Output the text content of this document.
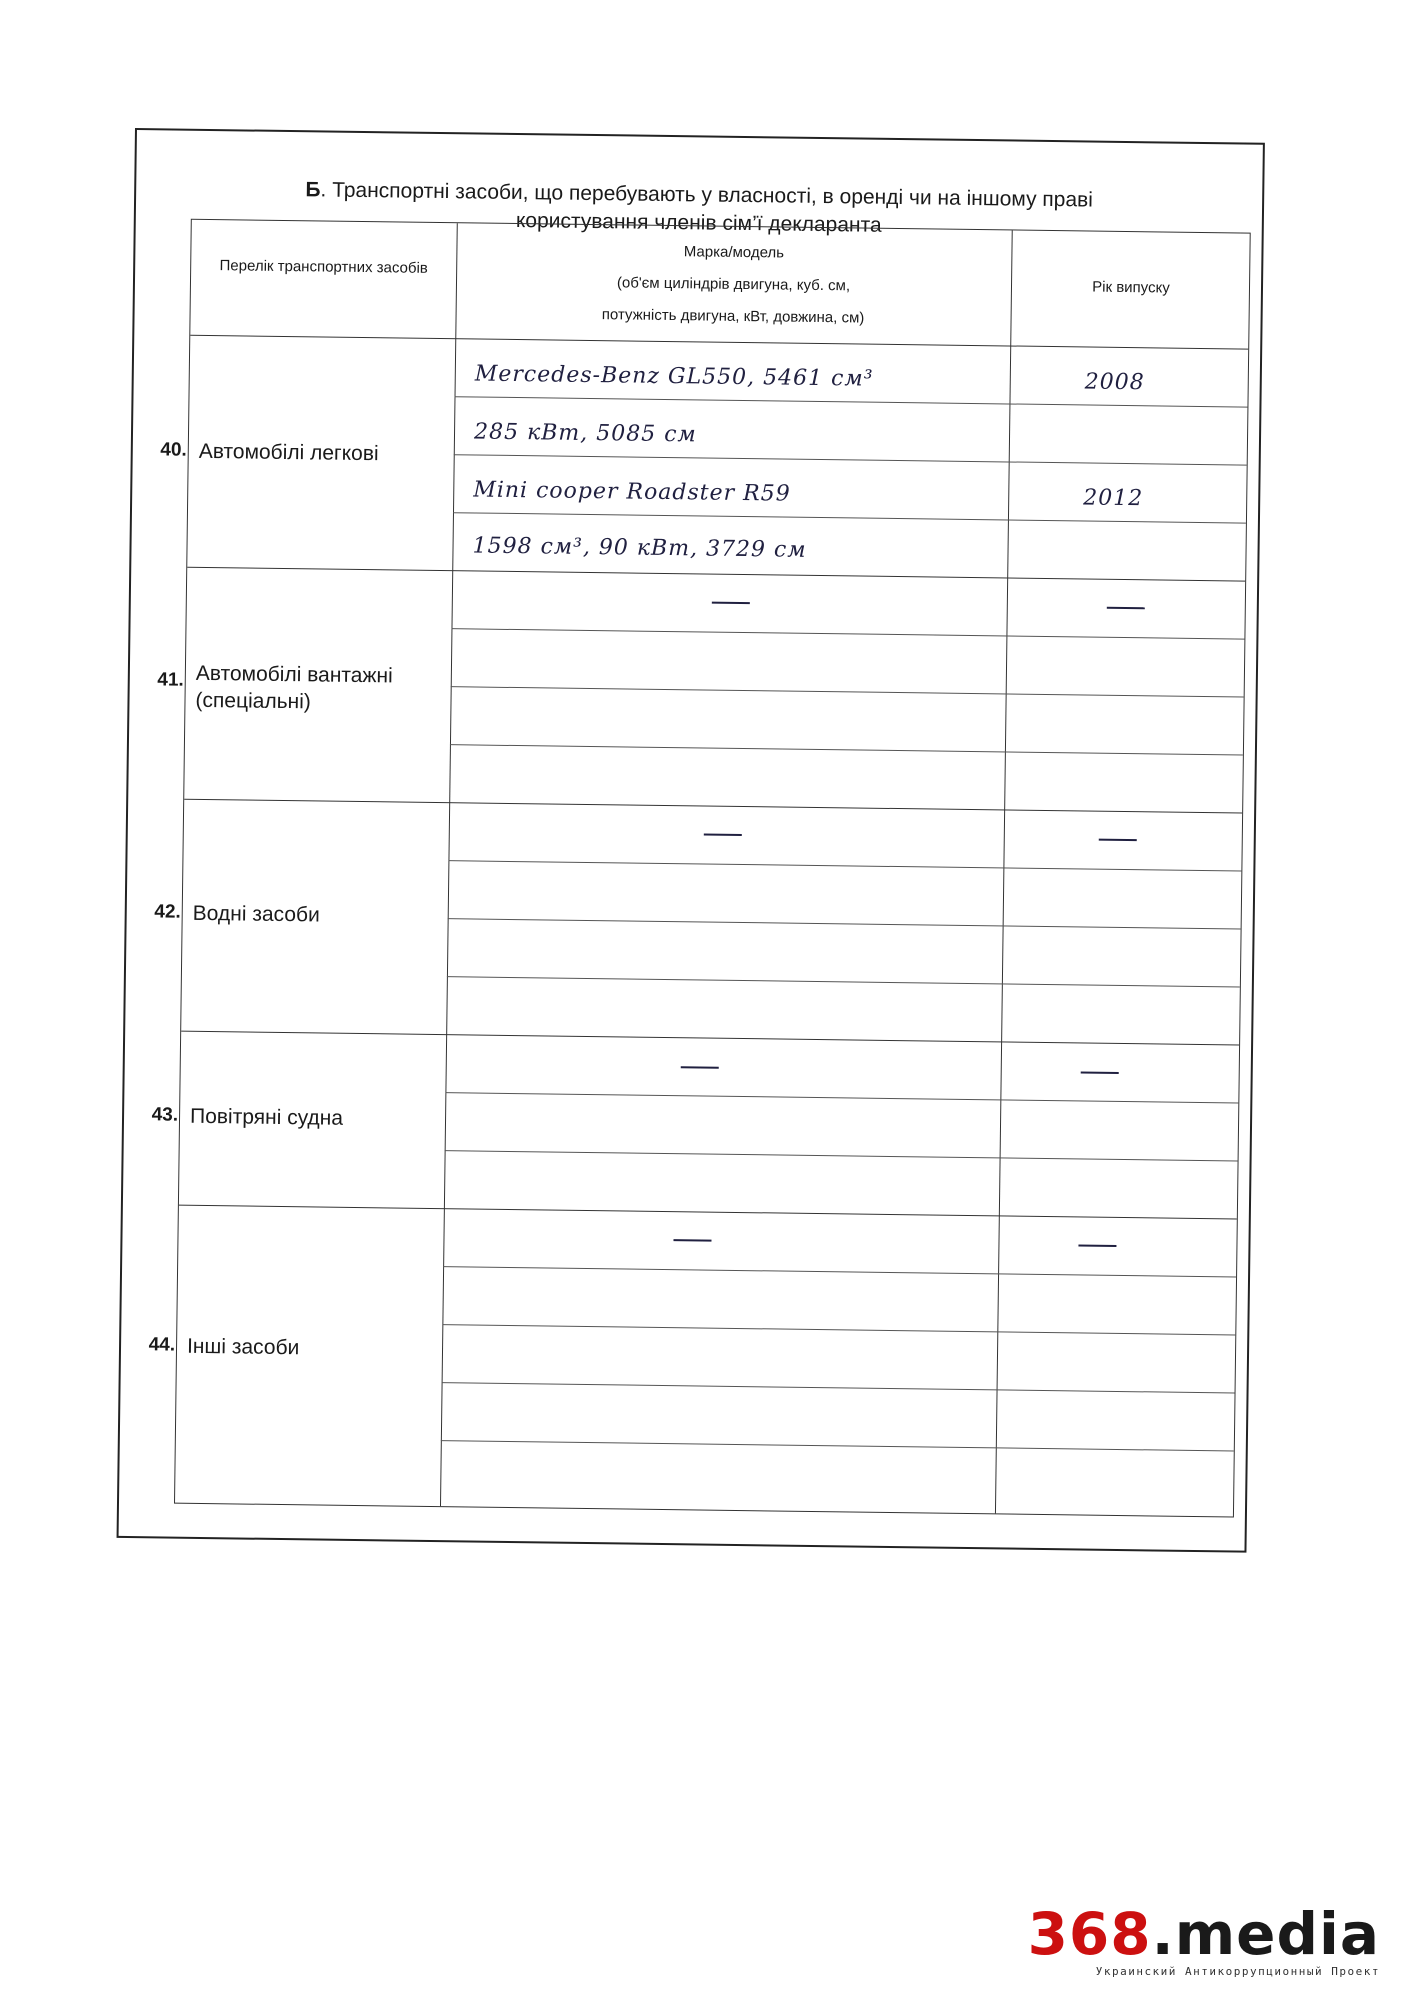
Б. Транспортні засоби, що перебувають у власності, в оренді чи на іншому праві
користування членів сім’ї декларанта
Перелік транспортних засобів
Марка/модель
(об'єм циліндрів двигуна, куб. см,
потужність двигуна, кВт, довжина, см)
Рік випуску
40. Автомобілі легкові
Mercedes-Benz GL550, 5461 см³
285 кВт, 5085 см
Mini cooper Roadster R59
1598 см³, 90 кВт, 3729 см
2008
2012
41. Автомобілі вантажні
(спеціальні)
42. Водні засоби
43. Повітряні судна
44. Інші засоби
368.media
Украинский Антикоррупционный Проект
